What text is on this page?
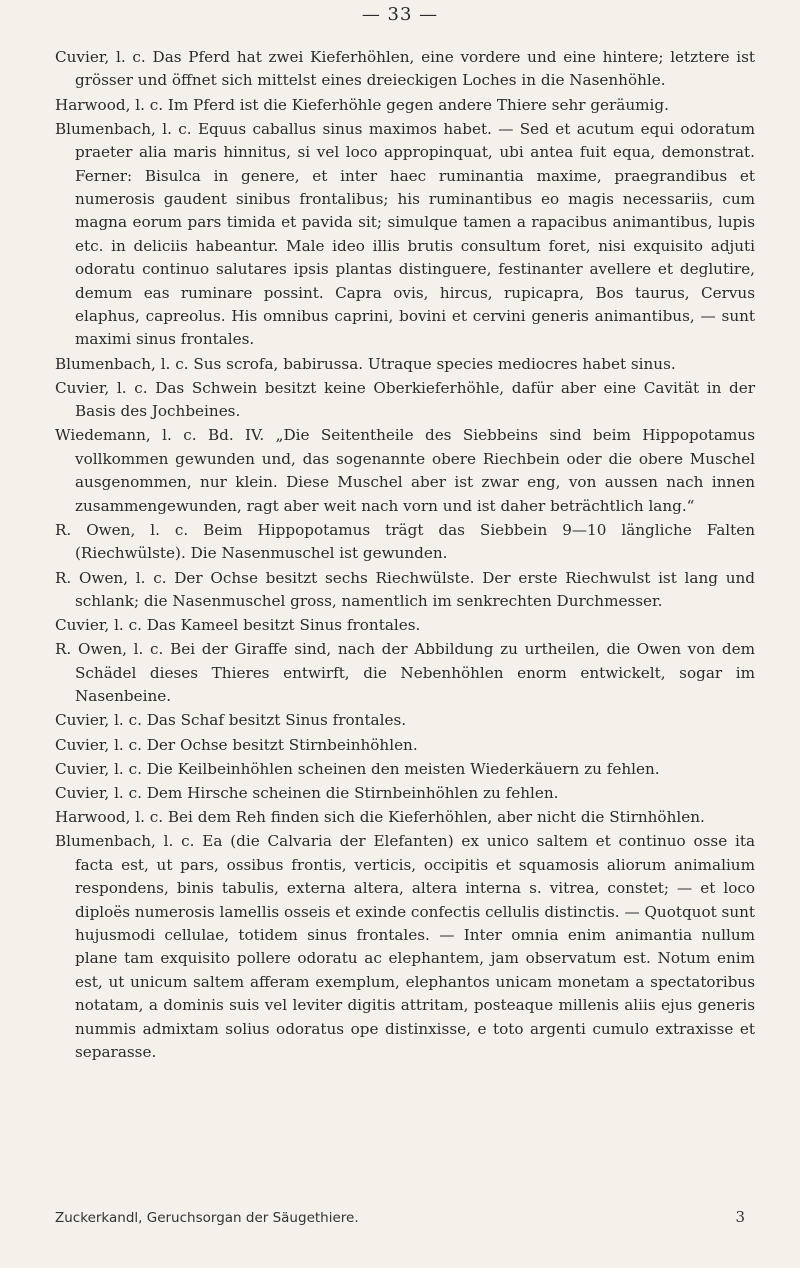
— 33 —

Cuvier, l. c. Das Pferd hat zwei Kieferhöhlen, eine vordere und eine hintere; letztere ist grösser und öffnet sich mittelst eines dreieckigen Loches in die Nasenhöhle.

Harwood, l. c. Im Pferd ist die Kieferhöhle gegen andere Thiere sehr geräumig.

Blumenbach, l. c. Equus caballus sinus maximos habet. — Sed et acutum equi odoratum praeter alia maris hinnitus, si vel loco appropinquat, ubi antea fuit equa, demonstrat. Ferner: Bisulca in genere, et inter haec ruminantia maxime, praegrandibus et numerosis gaudent sinibus frontalibus; his ruminantibus eo magis necessariis, cum magna eorum pars timida et pavida sit; simulque tamen a rapacibus animantibus, lupis etc. in deliciis habeantur. Male ideo illis brutis consultum foret, nisi exquisito adjuti odoratu continuo salutares ipsis plantas distinguere, festinanter avellere et deglutire, demum eas ruminare possint. Capra ovis, hircus, rupicapra, Bos taurus, Cervus elaphus, capreolus. His omnibus caprini, bovini et cervini generis animantibus, — sunt maximi sinus frontales.

Blumenbach, l. c. Sus scrofa, babirussa. Utraque species mediocres habet sinus.

Cuvier, l. c. Das Schwein besitzt keine Oberkieferhöhle, dafür aber eine Cavität in der Basis des Jochbeines.

Wiedemann, l. c. Bd. IV. „Die Seitentheile des Siebbeins sind beim Hippopotamus vollkommen gewunden und, das sogenannte obere Riechbein oder die obere Muschel ausgenommen, nur klein. Diese Muschel aber ist zwar eng, von aussen nach innen zusammengewunden, ragt aber weit nach vorn und ist daher beträchtlich lang.“

R. Owen, l. c. Beim Hippopotamus trägt das Siebbein 9—10 längliche Falten (Riechwülste). Die Nasenmuschel ist gewunden.

R. Owen, l. c. Der Ochse besitzt sechs Riechwülste. Der erste Riechwulst ist lang und schlank; die Nasenmuschel gross, namentlich im senkrechten Durchmesser.

Cuvier, l. c. Das Kameel besitzt Sinus frontales.

R. Owen, l. c. Bei der Giraffe sind, nach der Abbildung zu urtheilen, die Owen von dem Schädel dieses Thieres entwirft, die Nebenhöhlen enorm entwickelt, sogar im Nasenbeine.

Cuvier, l. c. Das Schaf besitzt Sinus frontales.

Cuvier, l. c. Der Ochse besitzt Stirnbeinhöhlen.

Cuvier, l. c. Die Keilbeinhöhlen scheinen den meisten Wiederkäuern zu fehlen.

Cuvier, l. c. Dem Hirsche scheinen die Stirnbeinhöhlen zu fehlen.

Harwood, l. c. Bei dem Reh finden sich die Kieferhöhlen, aber nicht die Stirnhöhlen.

Blumenbach, l. c. Ea (die Calvaria der Elefanten) ex unico saltem et continuo osse ita facta est, ut pars, ossibus frontis, verticis, occipitis et squamosis aliorum animalium respondens, binis tabulis, externa altera, altera interna s. vitrea, constet; — et loco diploës numerosis lamellis osseis et exinde confectis cellulis distinctis. — Quotquot sunt hujusmodi cellulae, totidem sinus frontales. — Inter omnia enim animantia nullum plane tam exquisito pollere odoratu ac elephantem, jam observatum est. Notum enim est, ut unicum saltem afferam exemplum, elephantos unicam monetam a spectatoribus notatam, a dominis suis vel leviter digitis attritam, posteaque millenis aliis ejus generis nummis admixtam solius odoratus ope distinxisse, e toto argenti cumulo extraxisse et separasse.

Zuckerkandl, Geruchsorgan der Säugethiere.	3
